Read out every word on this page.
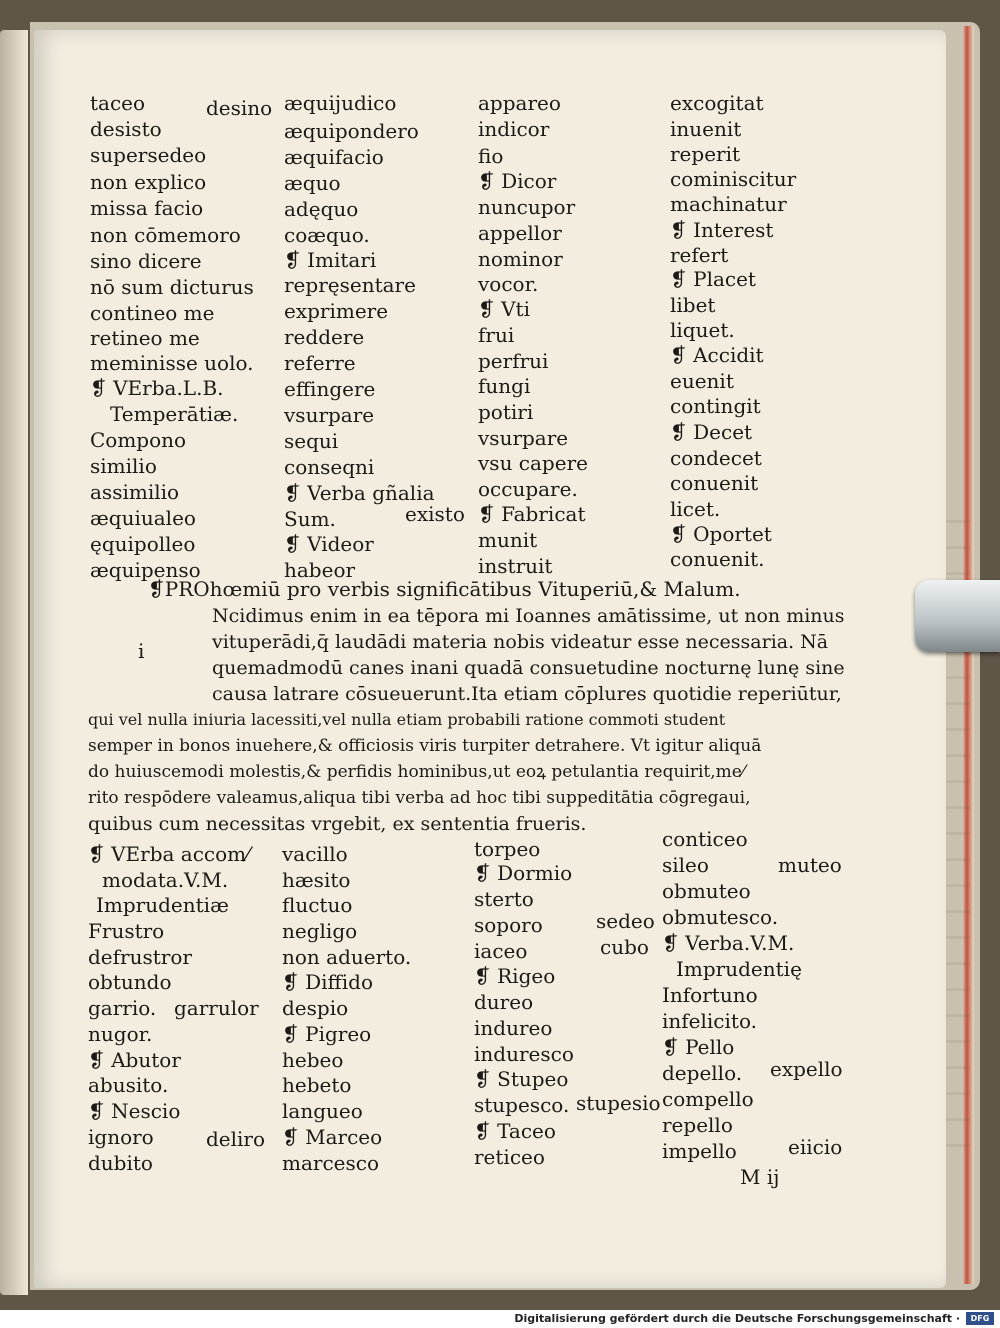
taceo
desisto
supersedeo
non explico
missa facio
non cōmemoro
sino dicere
nō sum dicturus
contineo me
retineo me
meminisse uolo.
❡ VErba.L.B.
Temperātiæ.
Compono
similio
assimilio
æquiualeo
ęquipolleo
æquipenso
desino æquijudico
æquipondero
æquifacio
æquo
adęquo
coæquo.
❡ Imitari
repręsentare
exprimere
reddere
referre
effingere
vsurpare
sequi
conseqni
❡ Verba gñalia
Sum.
❡ Videor
habeor
existo
appareo
indicor
fio
❡ Dicor
nuncupor
appellor
nominor
vocor.
❡ Vti
frui
perfrui
fungi
potiri
vsurpare
vsu capere
occupare.
❡ Fabricat
munit
instruit
excogitat
inuenit
reperit
cominiscitur
machinatur
❡ Interest
refert
❡ Placet
libet
liquet.
❡ Accidit
euenit
contingit
❡ Decet
condecet
conuenit
licet.
❡ Oportet
conuenit.
❡PROhœmiū pro verbis significātibus Vituperiū,& Malum.
i
Ncidimus enim in ea tēpora mi Ioannes amātissime, ut non minus
vituperādi,q̄ laudādi materia nobis videatur esse necessaria. Nā
quemadmodū canes inani quadā consuetudine nocturnę lunę sine
causa latrare cōsueuerunt.Ita etiam cōplures quotidie reperiūtur,
qui vel nulla iniuria lacessiti,vel nulla etiam probabili ratione commoti student
semper in bonos inuehere,& officiosis viris turpiter detrahere. Vt igitur aliquā
do huiuscemodi molestis,& perfidis hominibus,ut eoꝝ petulantia requirit,me⁄
rito respōdere valeamus,aliqua tibi verba ad hoc tibi suppeditātia cōgregaui,
quibus cum necessitas vrgebit, ex sententia frueris.
❡ VErba accom⁄
modata.V.M.
Imprudentiæ
Frustro
defrustror
obtundo
garrio.
nugor.
❡ Abutor
abusito.
❡ Nescio
ignoro
dubito
garrulor
deliro
vacillo
hæsito
fluctuo
negligo
non aduerto.
❡ Diffido
despio
❡ Pigreo
hebeo
hebeto
langueo
❡ Marceo
marcesco
torpeo
❡ Dormio
sterto
soporo
iaceo
❡ Rigeo
dureo
indureo
induresco
❡ Stupeo
stupesco.
❡ Taceo
reticeo
sedeo
cubo
stupesio
conticeo
sileo
obmuteo
obmutesco.
❡ Verba.V.M.
Imprudentię
Infortuno
infelicito.
❡ Pello
depello.
compello
repello
impello
muteo
expello
eiicio
M ij
Digitalisierung gefördert durch die Deutsche Forschungsgemeinschaft ·	DFG
